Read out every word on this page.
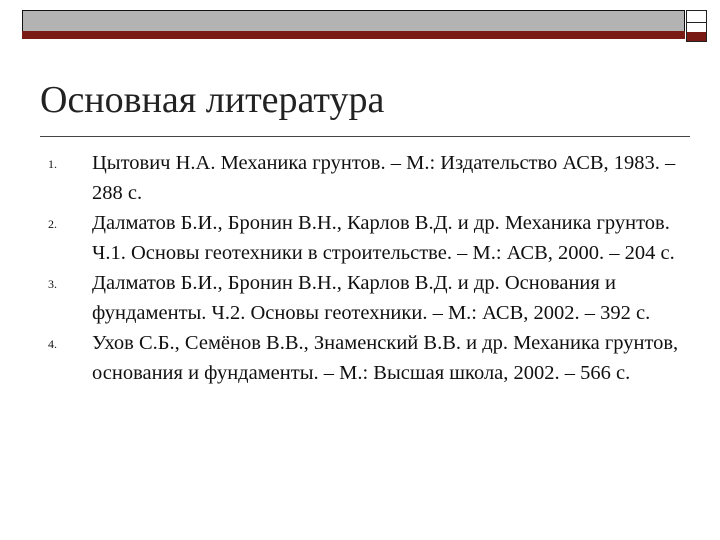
Основная литература
1. Цытович Н.А. Механика грунтов. – М.: Издательство АСВ, 1983. – 288 с.
2. Далматов Б.И., Бронин В.Н., Карлов В.Д. и др. Механика грунтов. Ч.1. Основы геотехники в строительстве. – М.: АСВ, 2000. – 204 с.
3. Далматов Б.И., Бронин В.Н., Карлов В.Д. и др. Основания и фундаменты. Ч.2. Основы геотехники. – М.: АСВ, 2002. – 392 с.
4. Ухов С.Б., Семёнов В.В., Знаменский В.В. и др. Механика грунтов, основания и фундаменты. – М.: Высшая школа, 2002. – 566 с.
